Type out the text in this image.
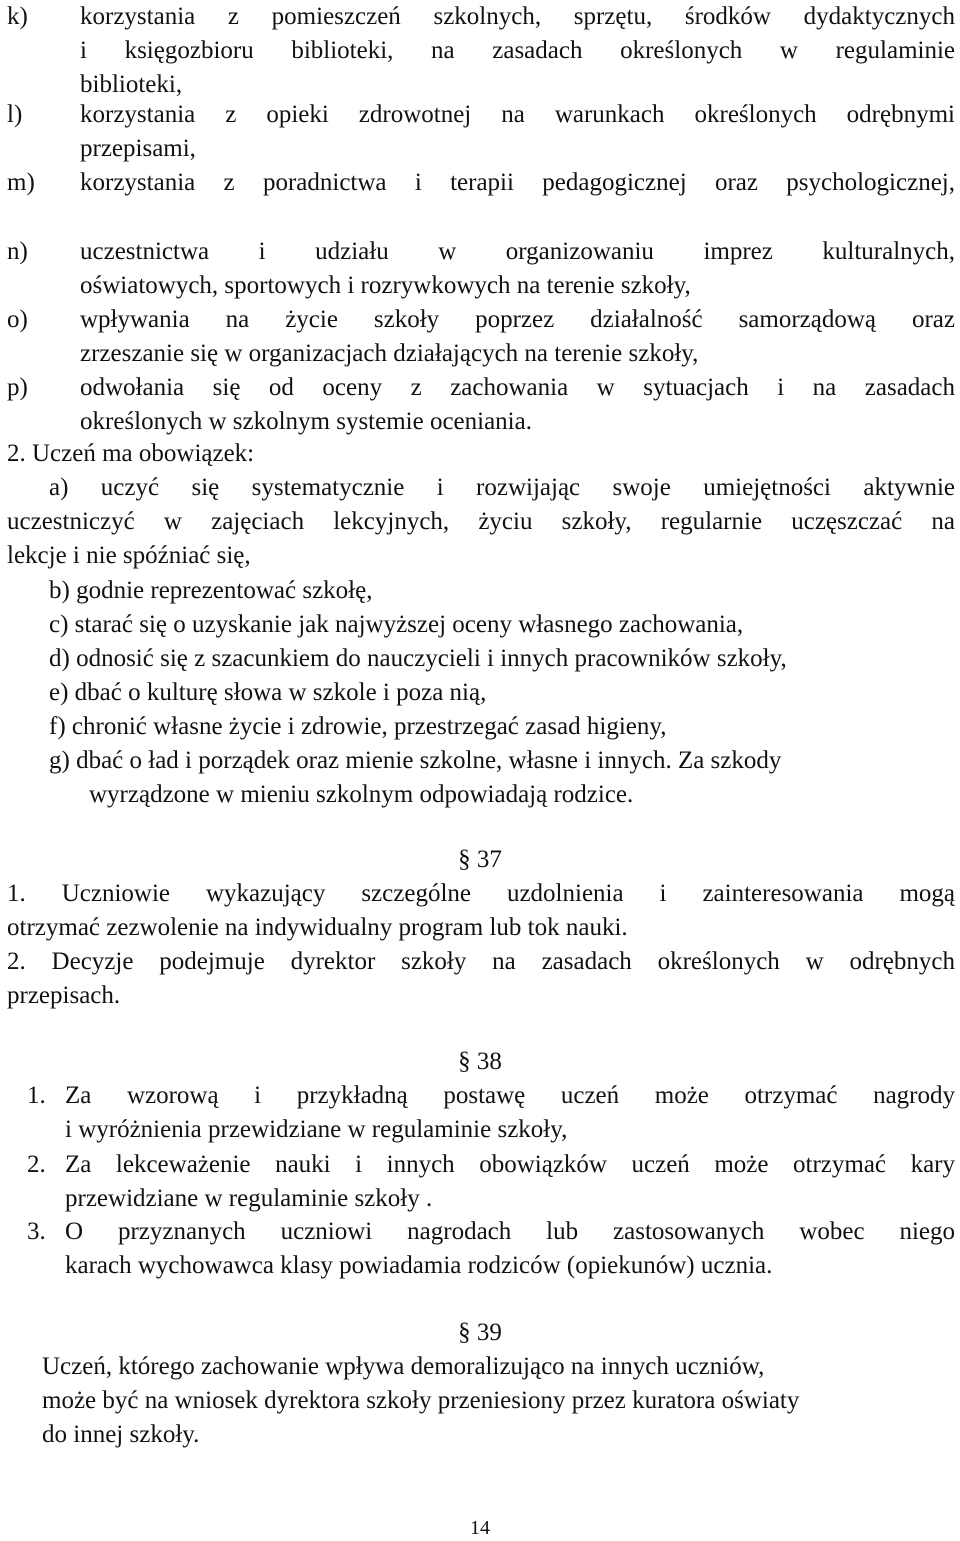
k) korzystania z pomieszczeń szkolnych, sprzętu, środków dydaktycznych
i księgozbioru biblioteki, na zasadach określonych w regulaminie
biblioteki,
l) korzystania z opieki zdrowotnej na warunkach określonych odrębnymi
przepisami,
m) korzystania z poradnictwa i terapii pedagogicznej oraz psychologicznej,
n) uczestnictwa i udziału w organizowaniu imprez kulturalnych,
oświatowych, sportowych i rozrywkowych na terenie szkoły,
o) wpływania na życie szkoły poprzez działalność samorządową oraz
zrzeszanie się w organizacjach działających na terenie szkoły,
p) odwołania się od oceny z zachowania w sytuacjach i na zasadach
określonych w szkolnym systemie oceniania.
2. Uczeń ma obowiązek:
a) uczyć się systematycznie i rozwijając swoje umiejętności aktywnie
uczestniczyć w zajęciach lekcyjnych, życiu szkoły, regularnie uczęszczać na
lekcje i nie spóźniać się,
b) godnie reprezentować szkołę,
c) starać się o uzyskanie jak najwyższej oceny własnego zachowania,
d) odnosić się z szacunkiem do nauczycieli i innych pracowników szkoły,
e) dbać o kulturę słowa w szkole i poza nią,
f) chronić własne życie i zdrowie, przestrzegać zasad higieny,
g) dbać o ład i porządek oraz mienie szkolne, własne i innych. Za szkody
wyrządzone w mieniu szkolnym odpowiadają rodzice.
§ 37
1. Uczniowie wykazujący szczególne uzdolnienia i zainteresowania mogą
otrzymać zezwolenie na indywidualny program lub tok nauki.
2. Decyzje podejmuje dyrektor szkoły na zasadach określonych w odrębnych
przepisach.
§ 38
1. Za wzorową i przykładną postawę uczeń może otrzymać nagrody
i wyróżnienia przewidziane w regulaminie szkoły,
2. Za lekceważenie nauki i innych obowiązków uczeń może otrzymać kary
przewidziane w regulaminie szkoły .
3. O przyznanych uczniowi nagrodach lub zastosowanych wobec niego
karach wychowawca klasy powiadamia rodziców (opiekunów) ucznia.
§ 39
Uczeń, którego zachowanie wpływa demoralizująco na innych uczniów,
może być na wniosek dyrektora szkoły przeniesiony przez kuratora oświaty
do innej szkoły.
14
